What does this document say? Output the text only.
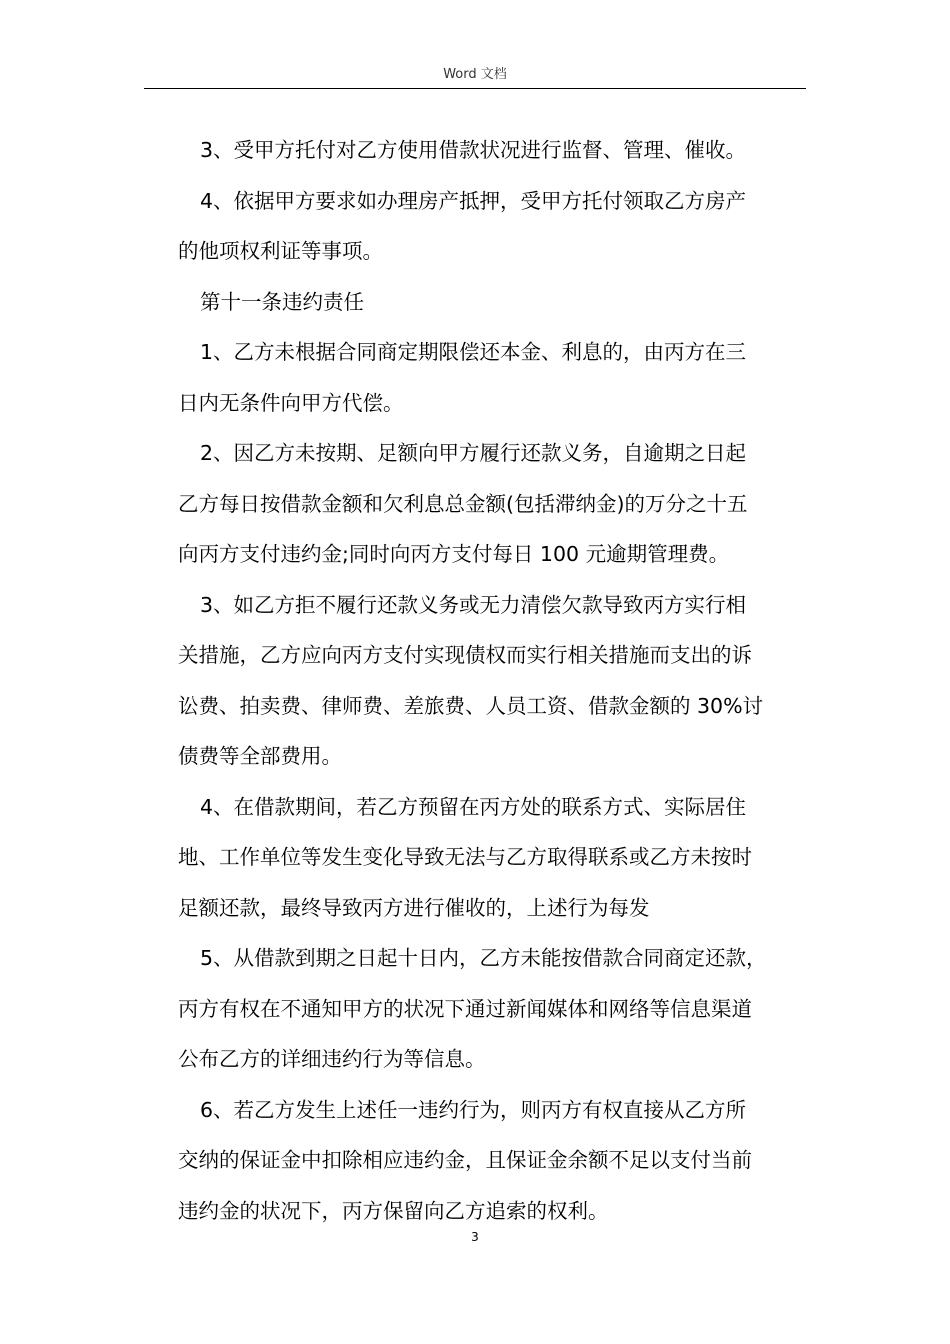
Word 文档
3、受甲方托付对乙方使用借款状况进行监督、管理、催收。
4、依据甲方要求如办理房产抵押，受甲方托付领取乙方房产
的他项权利证等事项。
第十一条违约责任
1、乙方未根据合同商定期限偿还本金、利息的，由丙方在三
日内无条件向甲方代偿。
2、因乙方未按期、足额向甲方履行还款义务，自逾期之日起
乙方每日按借款金额和欠利息总金额(包括滞纳金)的万分之十五
向丙方支付违约金;同时向丙方支付每日 100 元逾期管理费。
3、如乙方拒不履行还款义务或无力清偿欠款导致丙方实行相
关措施，乙方应向丙方支付实现债权而实行相关措施而支出的诉
讼费、拍卖费、律师费、差旅费、人员工资、借款金额的 30%讨
债费等全部费用。
4、在借款期间，若乙方预留在丙方处的联系方式、实际居住
地、工作单位等发生变化导致无法与乙方取得联系或乙方未按时
足额还款，最终导致丙方进行催收的，上述行为每发
5、从借款到期之日起十日内，乙方未能按借款合同商定还款，
丙方有权在不通知甲方的状况下通过新闻媒体和网络等信息渠道
公布乙方的详细违约行为等信息。
6、若乙方发生上述任一违约行为，则丙方有权直接从乙方所
交纳的保证金中扣除相应违约金，且保证金余额不足以支付当前
违约金的状况下，丙方保留向乙方追索的权利。
3
